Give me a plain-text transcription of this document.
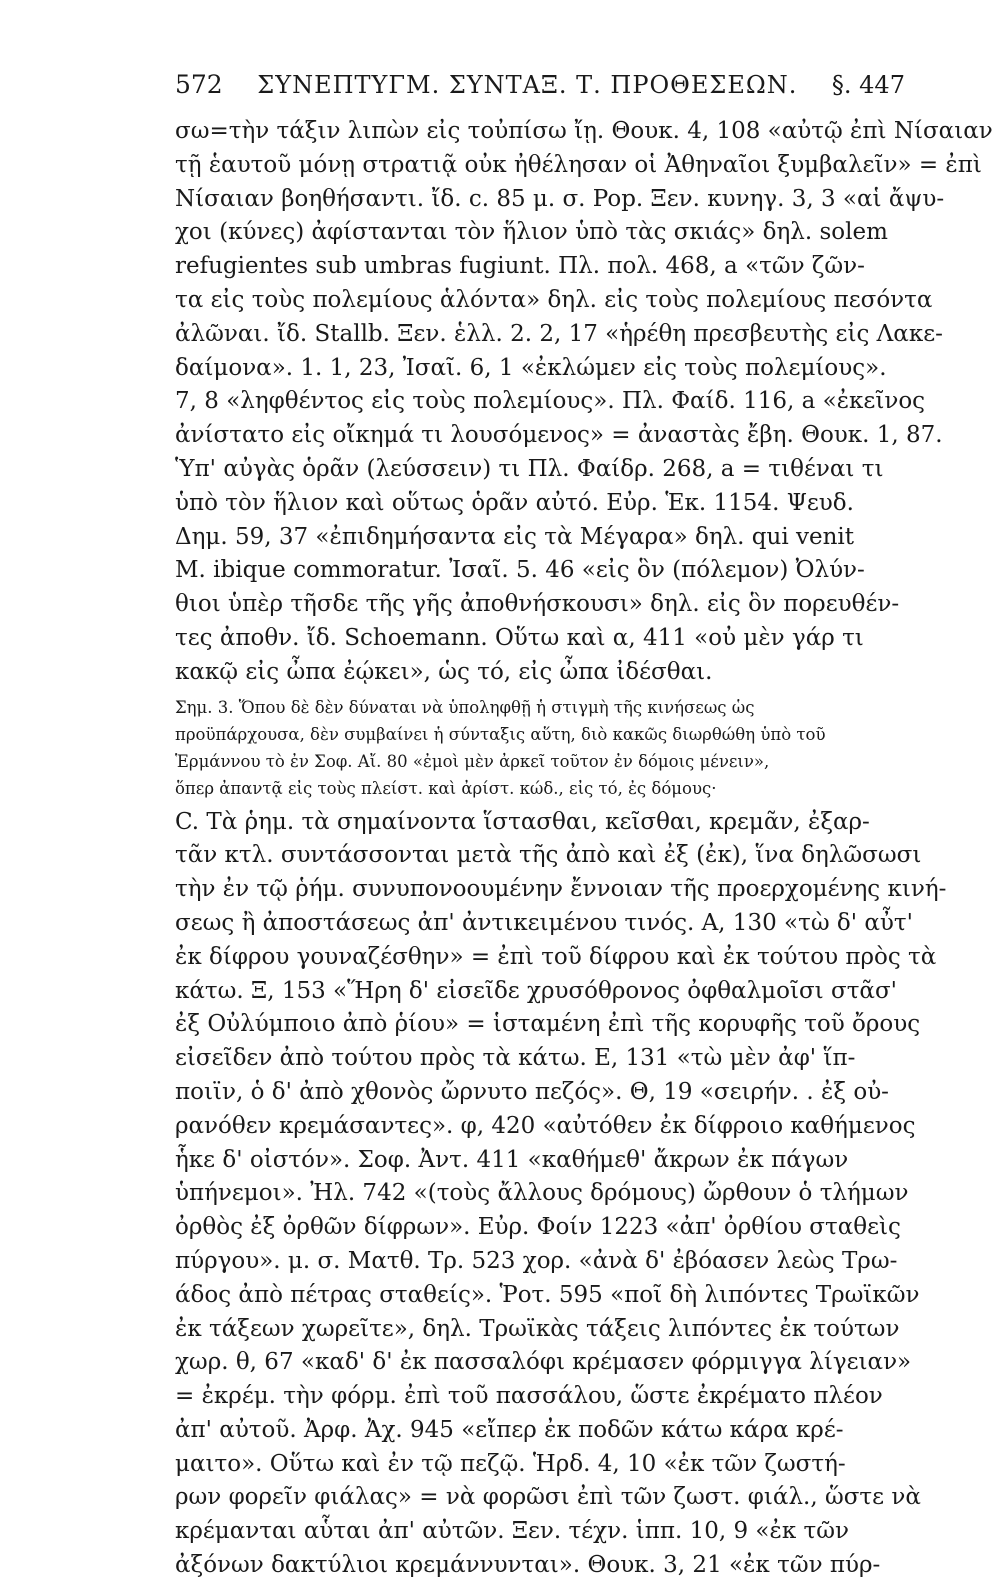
572 ΣΥΝΕΠΤΥΓΜ. ΣΥΝΤΑΞ. Τ. ΠΡΟΘΕΣΕΩΝ. §. 447
σω=τὴν τάξιν λιπὼν εἰς τοὐπίσω ἴῃ. Θουκ. 4, 108 «αὐτῷ ἐπὶ Νίσαιαν
τῇ ἑαυτοῦ μόνῃ στρατιᾷ οὐκ ἠθέλησαν οἱ Ἀθηναῖοι ξυμβαλεῖν» = ἐπὶ
Νίσαιαν βοηθήσαντι. ἴδ. c. 85 μ. σ. Pop. Ξεν. κυνηγ. 3, 3 «αἱ ἄψυ-
χοι (κύνες) ἀφίστανται τὸν ἥλιον ὑπὸ τὰς σκιάς» δηλ. solem
refugientes sub umbras fugiunt. Πλ. πολ. 468, a «τῶν ζῶν-
τα εἰς τοὺς πολεμίους ἁλόντα» δηλ. εἰς τοὺς πολεμίους πεσόντα
ἀλῶναι. ἴδ. Stallb. Ξεν. ἑλλ. 2. 2, 17 «ἡρέθη πρεσβευτὴς εἰς Λακε-
δαίμονα». 1. 1, 23, Ἰσαῖ. 6, 1 «ἐκλώμεν εἰς τοὺς πολεμίους».
7, 8 «ληφθέντος εἰς τοὺς πολεμίους». Πλ. Φαίδ. 116, a «ἐκεῖνος
ἀνίστατο εἰς οἴκημά τι λουσόμενος» = ἀναστὰς ἔβη. Θουκ. 1, 87.
Ὑπ' αὐγὰς ὁρᾶν (λεύσσειν) τι Πλ. Φαίδρ. 268, a = τιθέναι τι
ὑπὸ τὸν ἥλιον καὶ οὕτως ὁρᾶν αὐτό. Εὐρ. Ἑκ. 1154. Ψευδ.
Δημ. 59, 37 «ἐπιδημήσαντα εἰς τὰ Μέγαρα» δηλ. qui venit
M. ibique commoratur. Ἰσαῖ. 5. 46 «εἰς ὃν (πόλεμον) Ὀλύν-
θιοι ὑπὲρ τῆσδε τῆς γῆς ἀποθνήσκουσι» δηλ. εἰς ὃν πορευθέν-
τες ἀποθν. ἴδ. Schoemann. Οὕτω καὶ α, 411 «οὐ μὲν γάρ τι
κακῷ εἰς ὦπα ἐῴκει», ὡς τό, εἰς ὦπα ἰδέσθαι.
Σημ. 3. Ὅπου δὲ δὲν δύναται νὰ ὑποληφθῇ ἡ στιγμὴ τῆς κινήσεως ὡς
προϋπάρχουσα, δὲν συμβαίνει ἡ σύνταξις αὕτη, διὸ κακῶς διωρθώθη ὑπὸ τοῦ
Ἑρμάννου τὸ ἐν Σοφ. Αἴ. 80 «ἐμοὶ μὲν ἀρκεῖ τοῦτον ἐν δόμοις μένειν»,
ὅπερ ἀπαντᾷ εἰς τοὺς πλείστ. καὶ ἀρίστ. κώδ., εἰς τό, ἐς δόμους·
C. Τὰ ῥημ. τὰ σημαίνοντα ἵστασθαι, κεῖσθαι, κρεμᾶν, ἐξαρ-
τᾶν κτλ. συντάσσονται μετὰ τῆς ἀπὸ καὶ ἐξ (ἐκ), ἵνα δηλῶσωσι
τὴν ἐν τῷ ῥήμ. συνυπονοουμένην ἔννοιαν τῆς προερχομένης κινή-
σεως ἢ ἀποστάσεως ἀπ' ἀντικειμένου τινός. Α, 130 «τὼ δ' αὖτ'
ἐκ δίφρου γουναζέσθην» = ἐπὶ τοῦ δίφρου καὶ ἐκ τούτου πρὸς τὰ
κάτω. Ξ, 153 «Ἥρη δ' εἰσεῖδε χρυσόθρονος ὀφθαλμοῖσι στᾶσ'
ἐξ Οὐλύμποιο ἀπὸ ῥίου» = ἱσταμένη ἐπὶ τῆς κορυφῆς τοῦ ὄρους
εἰσεῖδεν ἀπὸ τούτου πρὸς τὰ κάτω. Ε, 131 «τὼ μὲν ἀφ' ἵπ-
ποιϊν, ὁ δ' ἀπὸ χθονὸς ὤρνυτο πεζός». Θ, 19 «σειρήν. . ἐξ οὐ-
ρανόθεν κρεμάσαντες». φ, 420 «αὐτόθεν ἐκ δίφροιο καθήμενος
ἧκε δ' οἰστόν». Σοφ. Ἀντ. 411 «καθήμεθ' ἄκρων ἐκ πάγων
ὑπήνεμοι». Ἠλ. 742 «(τοὺς ἄλλους δρόμους) ὤρθουν ὁ τλήμων
ὀρθὸς ἐξ ὀρθῶν δίφρων». Εὐρ. Φοίν 1223 «ἀπ' ὀρθίου σταθεὶς
πύργου». μ. σ. Ματθ. Τρ. 523 χορ. «ἀνὰ δ' ἐβόασεν λεὼς Τρω-
άδος ἀπὸ πέτρας σταθείς». Ῥοτ. 595 «ποῖ δὴ λιπόντες Τρωϊκῶν
ἐκ τάξεων χωρεῖτε», δηλ. Τρωϊκὰς τάξεις λιπόντες ἐκ τούτων
χωρ. θ, 67 «καδ' δ' ἐκ πασσαλόφι κρέμασεν φόρμιγγα λίγειαν»
= ἐκρέμ. τὴν φόρμ. ἐπὶ τοῦ πασσάλου, ὥστε ἐκρέματο πλέον
ἀπ' αὐτοῦ. Ἀρφ. Ἀχ. 945 «εἴπερ ἐκ ποδῶν κάτω κάρα κρέ-
μαιτο». Οὕτω καὶ ἐν τῷ πεζῷ. Ἡρδ. 4, 10 «ἐκ τῶν ζωστή-
ρων φορεῖν φιάλας» = νὰ φορῶσι ἐπὶ τῶν ζωστ. φιάλ., ὥστε νὰ
κρέμανται αὗται ἀπ' αὐτῶν. Ξεν. τέχν. ἱππ. 10, 9 «ἐκ τῶν
ἀξόνων δακτύλιοι κρεμάννυνται». Θουκ. 3, 21 «ἐκ τῶν πύρ-
